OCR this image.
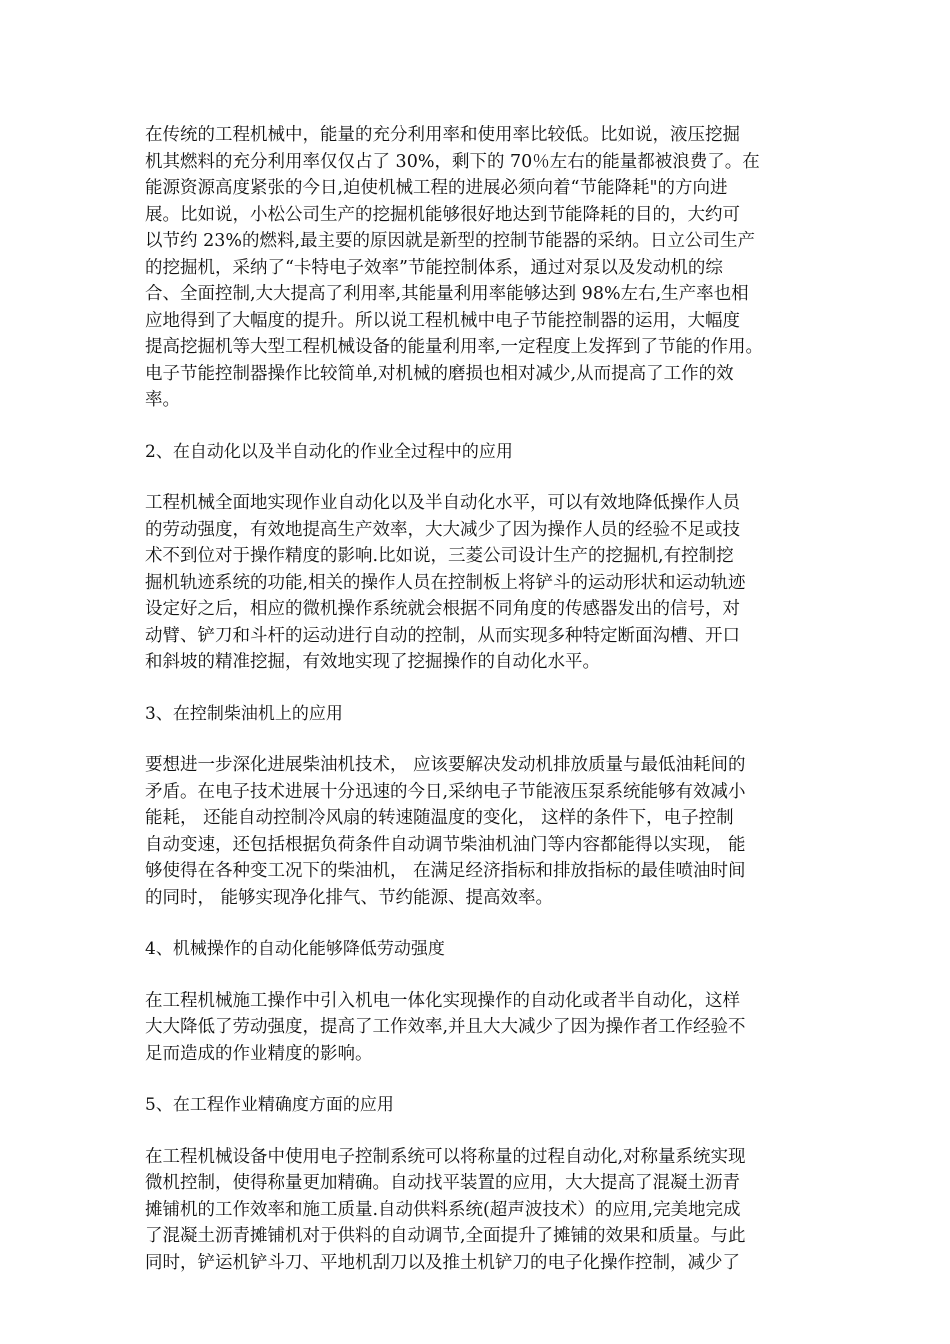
在传统的工程机械中，能量的充分利用率和使用率比较低。比如说，液压挖掘
机其燃料的充分利用率仅仅占了 30%，剩下的 70％左右的能量都被浪费了。在
能源资源高度紧张的今日,迫使机械工程的进展必须向着“节能降耗"的方向进
展。比如说，小松公司生产的挖掘机能够很好地达到节能降耗的目的，大约可
以节约 23%的燃料,最主要的原因就是新型的控制节能器的采纳。日立公司生产
的挖掘机，采纳了“卡特电子效率”节能控制体系，通过对泵以及发动机的综
合、全面控制,大大提高了利用率,其能量利用率能够达到 98%左右,生产率也相
应地得到了大幅度的提升。所以说工程机械中电子节能控制器的运用，大幅度
提高挖掘机等大型工程机械设备的能量利用率,一定程度上发挥到了节能的作用。
电子节能控制器操作比较简单,对机械的磨损也相对减少,从而提高了工作的效
率。
2、在自动化以及半自动化的作业全过程中的应用
工程机械全面地实现作业自动化以及半自动化水平，可以有效地降低操作人员
的劳动强度，有效地提高生产效率，大大减少了因为操作人员的经验不足或技
术不到位对于操作精度的影响.比如说，三菱公司设计生产的挖掘机,有控制挖
掘机轨迹系统的功能,相关的操作人员在控制板上将铲斗的运动形状和运动轨迹
设定好之后，相应的微机操作系统就会根据不同角度的传感器发出的信号，对
动臂、铲刀和斗杆的运动进行自动的控制，从而实现多种特定断面沟槽、开口
和斜坡的精准挖掘，有效地实现了挖掘操作的自动化水平。
3、在控制柴油机上的应用
要想进一步深化进展柴油机技术， 应该要解决发动机排放质量与最低油耗间的
矛盾。在电子技术进展十分迅速的今日,采纳电子节能液压泵系统能够有效减小
能耗， 还能自动控制冷风扇的转速随温度的变化， 这样的条件下，电子控制
自动变速，还包括根据负荷条件自动调节柴油机油门等内容都能得以实现， 能
够使得在各种变工况下的柴油机， 在满足经济指标和排放指标的最佳喷油时间
的同时， 能够实现净化排气、节约能源、提高效率。
4、机械操作的自动化能够降低劳动强度
在工程机械施工操作中引入机电一体化实现操作的自动化或者半自动化，这样
大大降低了劳动强度，提高了工作效率,并且大大减少了因为操作者工作经验不
足而造成的作业精度的影响。
5、在工程作业精确度方面的应用
在工程机械设备中使用电子控制系统可以将称量的过程自动化,对称量系统实现
微机控制，使得称量更加精确。自动找平装置的应用，大大提高了混凝土沥青
摊铺机的工作效率和施工质量.自动供料系统(超声波技术）的应用,完美地完成
了混凝土沥青摊铺机对于供料的自动调节,全面提升了摊铺的效果和质量。与此
同时，铲运机铲斗刀、平地机刮刀以及推土机铲刀的电子化操作控制，减少了
